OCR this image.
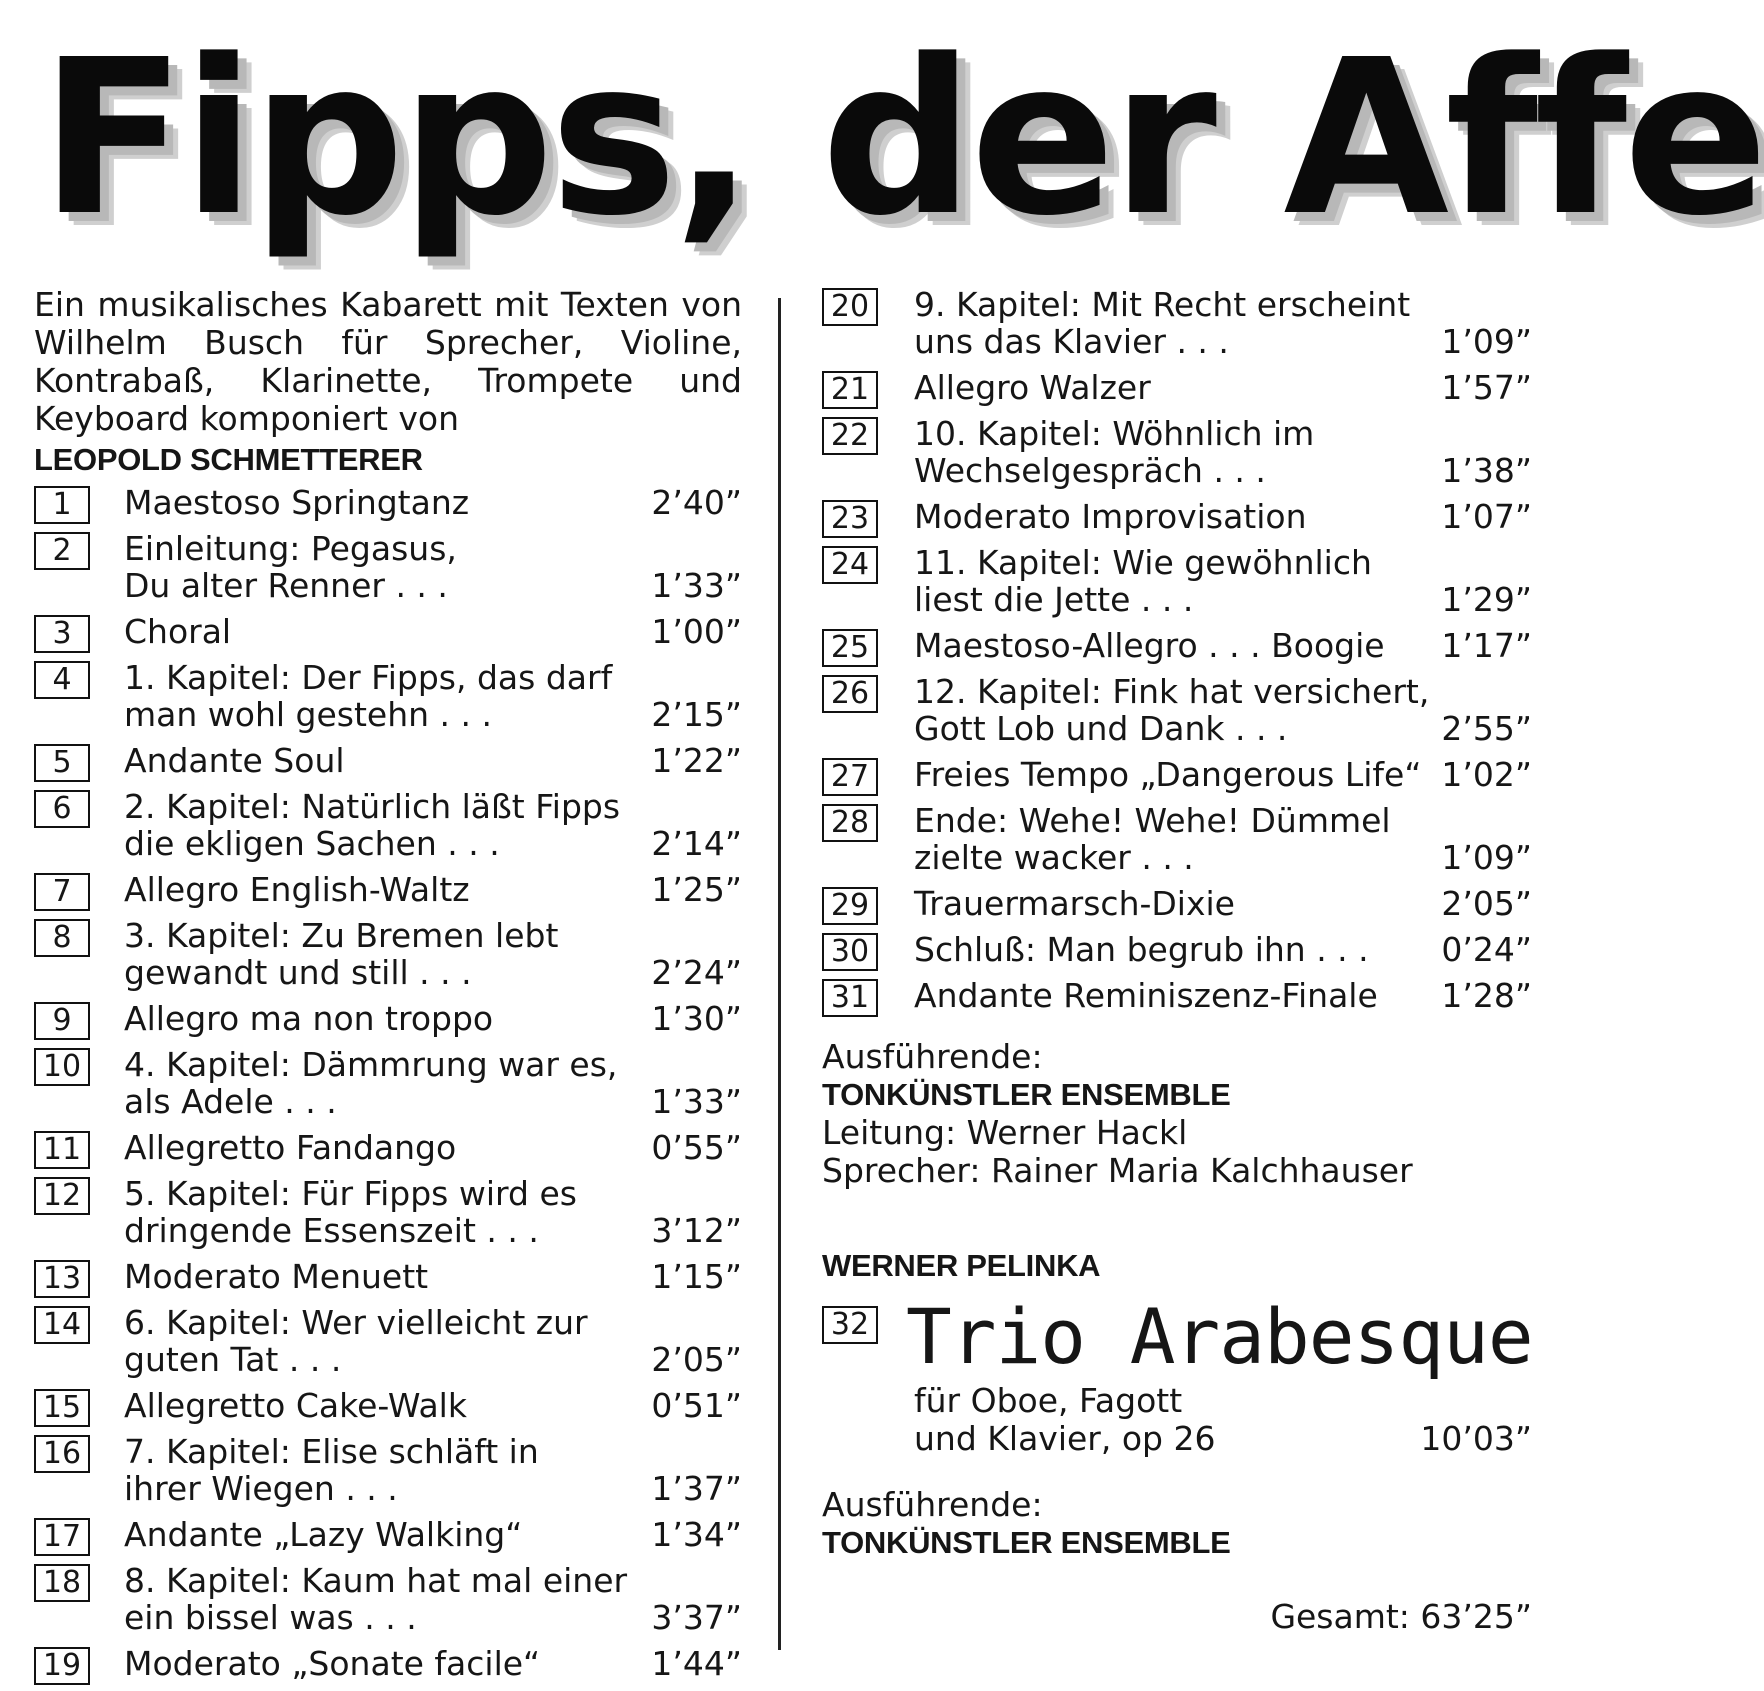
Fipps, der Affe
Ein musikalisches Kabarett mit Texten von Wilhelm Busch für Sprecher, Violine, Kontrabaß, Klarinette, Trompete und Keyboard komponiert von
LEOPOLD SCHMETTERER
1	Maestoso Springtanz	2’40”
2	Einleitung: Pegasus,
Du alter Renner . . .	1’33”
3	Choral	1’00”
4	1. Kapitel: Der Fipps, das darf
man wohl gestehn . . .	2’15”
5	Andante Soul	1’22”
6	2. Kapitel: Natürlich läßt Fipps
die ekligen Sachen . . .	2’14”
7	Allegro English-Waltz	1’25”
8	3. Kapitel: Zu Bremen lebt
gewandt und still . . .	2’24”
9	Allegro ma non troppo	1’30”
10 4. Kapitel: Dämmrung war es,
als Adele . . .	1’33”
11 Allegretto Fandango	0’55”
12 5. Kapitel: Für Fipps wird es
dringende Essenszeit . . .	3’12”
13 Moderato Menuett	1’15”
14 6. Kapitel: Wer vielleicht zur
guten Tat . . .	2’05”
15 Allegretto Cake-Walk	0’51”
16 7. Kapitel: Elise schläft in
ihrer Wiegen . . .	1’37”
17 Andante „Lazy Walking“	1’34”
18 8. Kapitel: Kaum hat mal einer
ein bissel was . . .	3’37”
19 Moderato „Sonate facile“	1’44”
20 9. Kapitel: Mit Recht erscheint
uns das Klavier . . .	1’09”
21 Allegro Walzer	1’57”
22 10. Kapitel: Wöhnlich im
Wechselgespräch . . .	1’38”
23 Moderato Improvisation	1’07”
24 11. Kapitel: Wie gewöhnlich
liest die Jette . . .	1’29”
25 Maestoso-Allegro . . . Boogie 1’17”
26 12. Kapitel: Fink hat versichert,
Gott Lob und Dank . . .	2’55”
27 Freies Tempo „Dangerous Life“ 1’02”
28 Ende: Wehe! Wehe! Dümmel
zielte wacker . . .	1’09”
29 Trauermarsch-Dixie	2’05”
30 Schluß: Man begrub ihn . . . 0’24”
31 Andante Reminiszenz-Finale 1’28”
Ausführende:
TONKÜNSTLER ENSEMBLE
Leitung: Werner Hackl
Sprecher: Rainer Maria Kalchhauser
WERNER PELINKA
32 Trio Arabesque
für Oboe, Fagott
und Klavier, op 26	10’03”
Ausführende:
TONKÜNSTLER ENSEMBLE
Gesamt: 63’25”
